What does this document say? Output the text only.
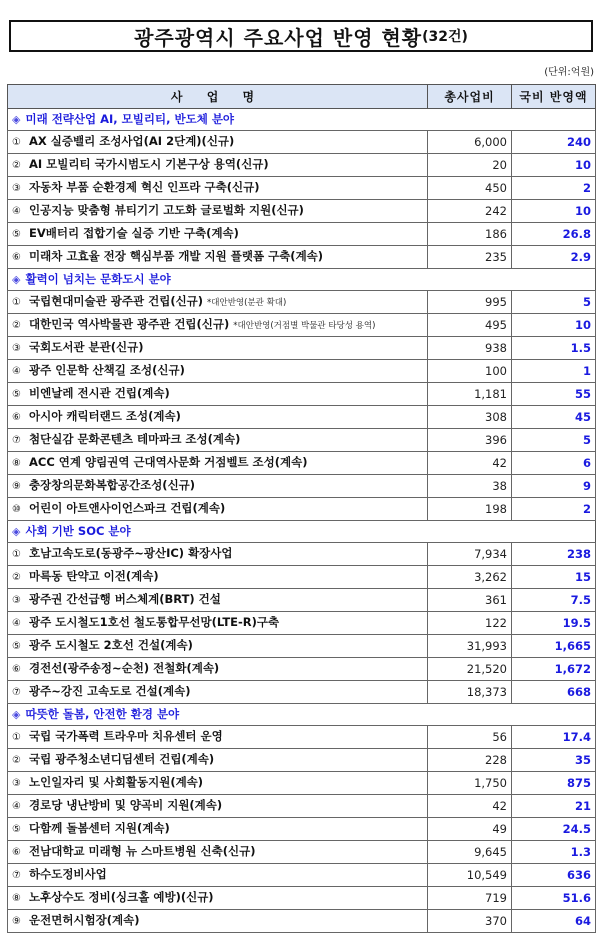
광주광역시 주요사업 반영 현황 (32건)
(단위:억원)
사 업 명	총사업비	국비 반영액
◈ 미래 전략산업 AI, 모빌리티, 반도체 분야		
① AX 실증밸리 조성사업(AI 2단계)(신규)	6,000	240
② AI 모빌리티 국가시범도시 기본구상 용역(신규)	20	10
③ 자동차 부품 순환경제 혁신 인프라 구축(신규)	450	2
④ 인공지능 맞춤형 뷰티기기 고도화 글로벌화 지원(신규)	242	10
⑤ EV배터리 접합기술 실증 기반 구축(계속)	186	26.8
⑥ 미래차 고효율 전장 핵심부품 개발 지원 플랫폼 구축(계속)	235	2.9
◈ 활력이 넘치는 문화도시 분야		
① 국립현대미술관 광주관 건립(신규) *대안반영(분관 확대)	995	5
② 대한민국 역사박물관 광주관 건립(신규) *대안반영(거점별 박물관 타당성 용역)	495	10
③ 국회도서관 분관(신규)	938	1.5
④ 광주 인문학 산책길 조성(신규)	100	1
⑤ 비엔날레 전시관 건립(계속)	1,181	55
⑥ 아시아 캐릭터랜드 조성(계속)	308	45
⑦ 첨단실감 문화콘텐츠 테마파크 조성(계속)	396	5
⑧ ACC 연계 양림권역 근대역사문화 거점벨트 조성(계속)	42	6
⑨ 충장창의문화복합공간조성(신규)	38	9
⑩ 어린이 아트앤사이언스파크 건립(계속)	198	2
◈ 사회 기반 SOC 분야		
① 호남고속도로(동광주~광산IC) 확장사업	7,934	238
② 마륵동 탄약고 이전(계속)	3,262	15
③ 광주권 간선급행 버스체계(BRT) 건설	361	7.5
④ 광주 도시철도1호선 철도통합무선망(LTE-R)구축	122	19.5
⑤ 광주 도시철도 2호선 건설(계속)	31,993	1,665
⑥ 경전선(광주송정~순천) 전철화(계속)	21,520	1,672
⑦ 광주~강진 고속도로 건설(계속)	18,373	668
◈ 따뜻한 돌봄, 안전한 환경 분야		
① 국립 국가폭력 트라우마 치유센터 운영	56	17.4
② 국립 광주청소년디딤센터 건립(계속)	228	35
③ 노인일자리 및 사회활동지원(계속)	1,750	875
④ 경로당 냉난방비 및 양곡비 지원(계속)	42	21
⑤ 다함께 돌봄센터 지원(계속)	49	24.5
⑥ 전남대학교 미래형 뉴 스마트병원 신축(신규)	9,645	1.3
⑦ 하수도정비사업	10,549	636
⑧ 노후상수도 정비(싱크홀 예방)(신규)	719	51.6
⑨ 운전면허시험장(계속)	370	64
